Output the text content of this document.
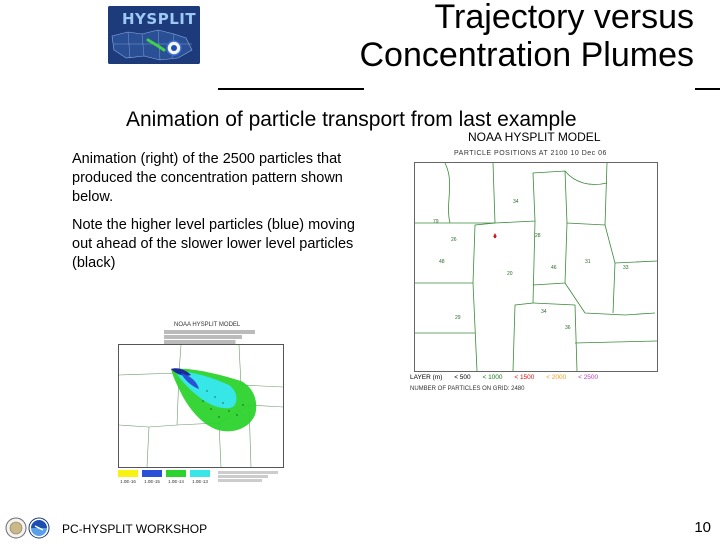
HYSPLIT	Trajectory versus
Concentration Plumes
Animation of particle transport from last example
Animation (right) of the 2500 particles that produced the concentration pattern shown below.
Note the higher level particles (blue) moving out ahead of the slower lower level particles (black)
NOAA HYSPLIT MODEL
PARTICLE POSITIONS AT 2100 10 Dec 06
79
34
48
26
20
46
31
33
34
36
29
28
LAYER (m) < 500 < 1000 < 1500 < 2000 < 2500
NUMBER OF PARTICLES ON GRID: 2480
NOAA HYSPLIT MODEL
1.0E-16	1.0E-15	1.0E-14	1.0E-13
PC-HYSPLIT WORKSHOP	10
